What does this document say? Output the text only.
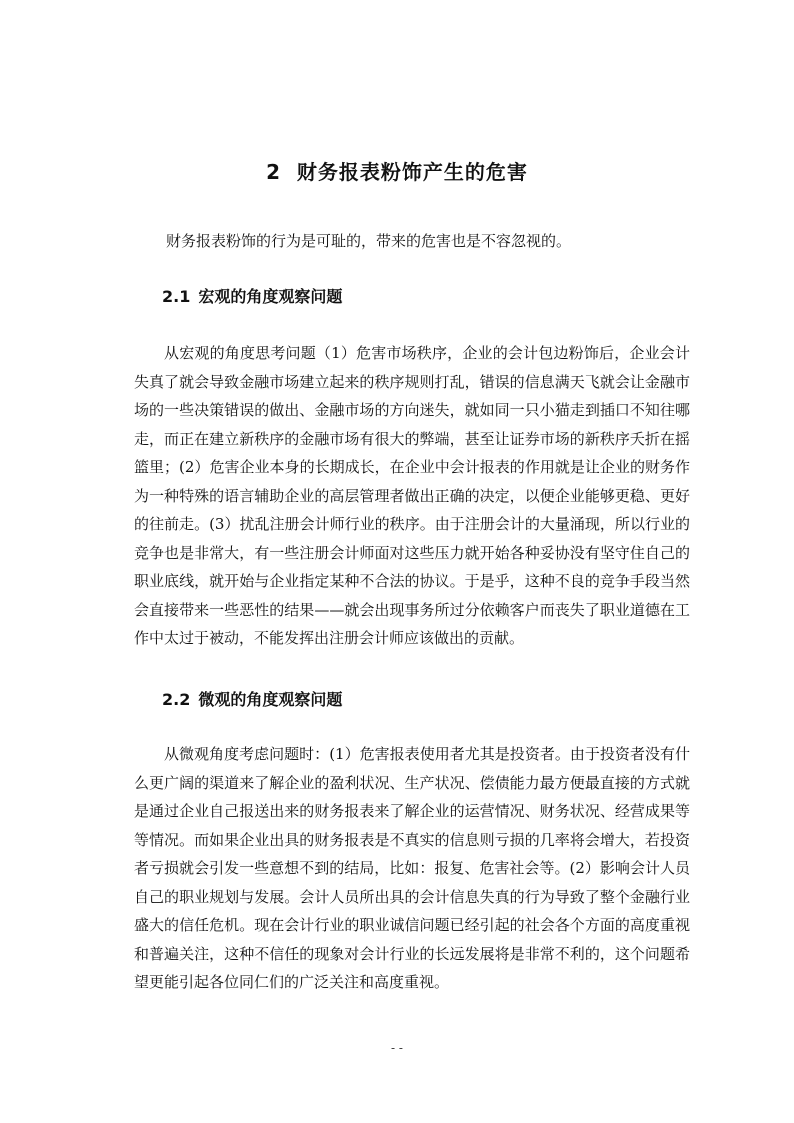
2 财务报表粉饰产生的危害
财务报表粉饰的行为是可耻的，带来的危害也是不容忽视的。
2.1 宏观的角度观察问题

从宏观的角度思考问题（1）危害市场秩序，企业的会计包边粉饰后，企业会计失真了就会导致金融市场建立起来的秩序规则打乱，错误的信息满天飞就会让金融市场的一些决策错误的做出、金融市场的方向迷失，就如同一只小猫走到插口不知往哪走，而正在建立新秩序的金融市场有很大的弊端，甚至让证券市场的新秩序夭折在摇篮里；(2）危害企业本身的长期成长，在企业中会计报表的作用就是让企业的财务作为一种特殊的语言辅助企业的高层管理者做出正确的决定，以便企业能够更稳、更好的往前走。(3）扰乱注册会计师行业的秩序。由于注册会计的大量涌现，所以行业的竞争也是非常大，有一些注册会计师面对这些压力就开始各种妥协没有坚守住自己的职业底线，就开始与企业指定某种不合法的协议。于是乎，这种不良的竞争手段当然会直接带来一些恶性的结果——就会出现事务所过分依赖客户而丧失了职业道德在工作中太过于被动，不能发挥出注册会计师应该做出的贡献。

2.2 微观的角度观察问题

从微观角度考虑问题时：(1）危害报表使用者尤其是投资者。由于投资者没有什么更广阔的渠道来了解企业的盈利状况、生产状况、偿债能力最方便最直接的方式就是通过企业自己报送出来的财务报表来了解企业的运营情况、财务状况、经营成果等等情况。而如果企业出具的财务报表是不真实的信息则亏损的几率将会增大，若投资者亏损就会引发一些意想不到的结局，比如：报复、危害社会等。(2）影响会计人员自己的职业规划与发展。会计人员所出具的会计信息失真的行为导致了整个金融行业盛大的信任危机。现在会计行业的职业诚信问题已经引起的社会各个方面的高度重视和普遍关注，这种不信任的现象对会计行业的长远发展将是非常不利的，这个问题希望更能引起各位同仁们的广泛关注和高度重视。

- -
